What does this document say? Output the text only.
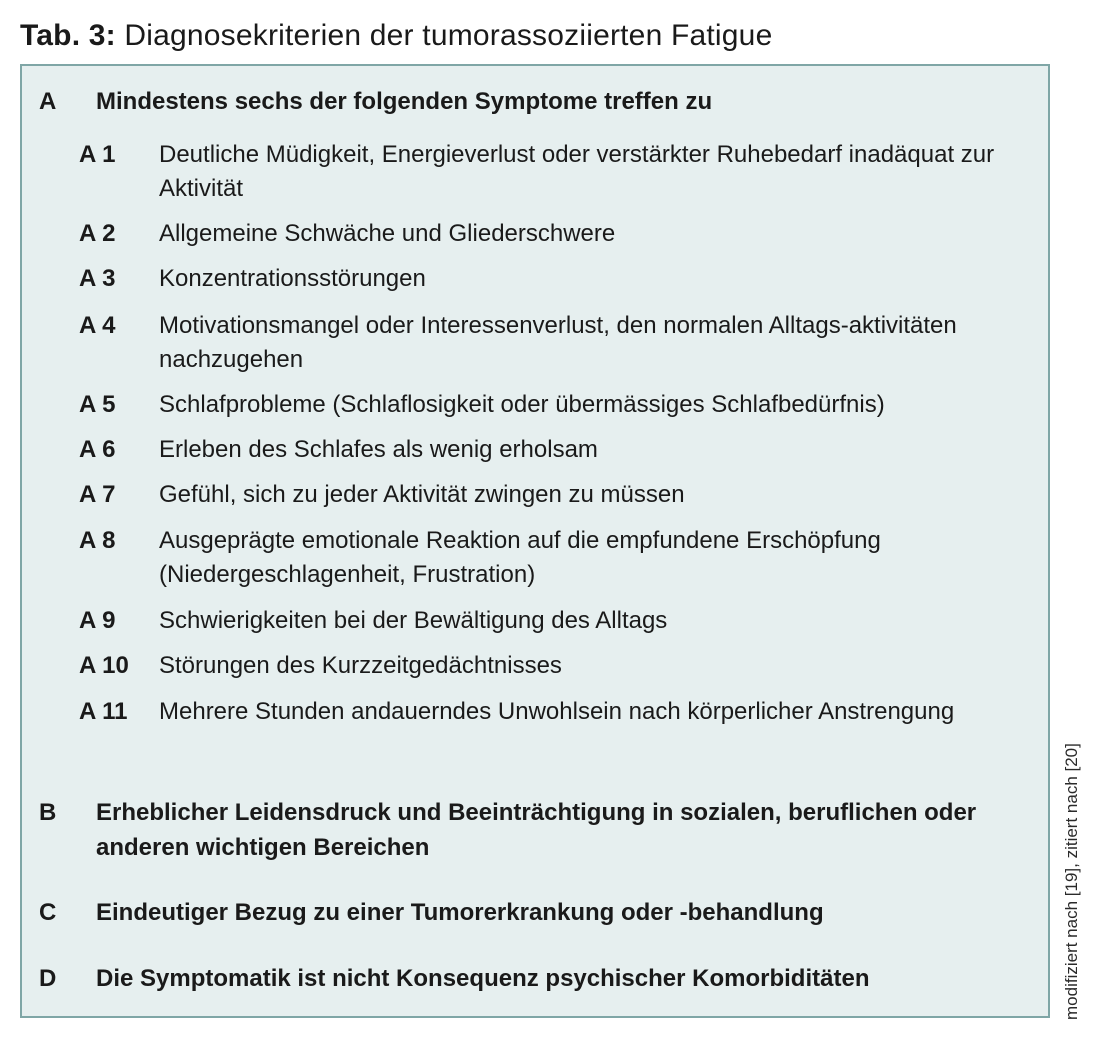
Tab. 3: Diagnosekriterien der tumorassoziierten Fatigue
A Mindestens sechs der folgenden Symptome treffen zu
A 1 Deutliche Müdigkeit, Energieverlust oder verstärkter Ruhebedarf inadäquat zur Aktivität
A 2 Allgemeine Schwäche und Gliederschwere
A 3 Konzentrationsstörungen
A 4 Motivationsmangel oder Interessenverlust, den normalen Alltags-aktivitäten nachzugehen
A 5 Schlafprobleme (Schlaflosigkeit oder übermässiges Schlafbedürfnis)
A 6 Erleben des Schlafes als wenig erholsam
A 7 Gefühl, sich zu jeder Aktivität zwingen zu müssen
A 8 Ausgeprägte emotionale Reaktion auf die empfundene Erschöpfung (Niedergeschlagenheit, Frustration)
A 9 Schwierigkeiten bei der Bewältigung des Alltags
A 10 Störungen des Kurzzeitgedächtnisses
A 11 Mehrere Stunden andauerndes Unwohlsein nach körperlicher Anstrengung
B Erheblicher Leidensdruck und Beeinträchtigung in sozialen, beruflichen oder anderen wichtigen Bereichen
C Eindeutiger Bezug zu einer Tumorerkrankung oder -behandlung
D Die Symptomatik ist nicht Konsequenz psychischer Komorbiditäten	modifiziert nach [19], zitiert nach [20]
